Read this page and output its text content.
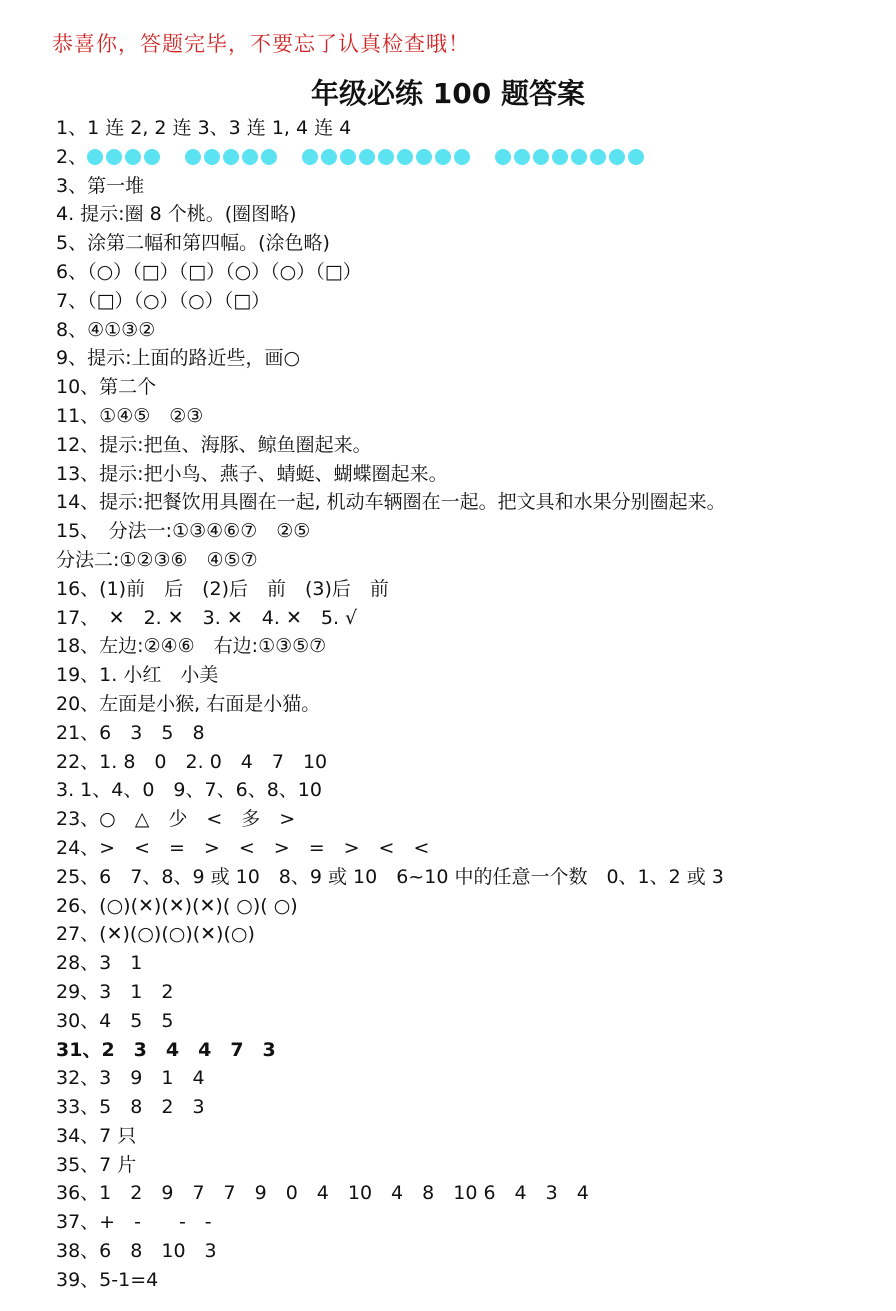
恭喜你，答题完毕，不要忘了认真检查哦！
年级必练 100 题答案
1、1 连 2, 2 连 3、3 连 1, 4 连 4
2、
3、第一堆
4. 提示:圈 8 个桃。(圈图略)
5、涂第二幅和第四幅。(涂色略)
6、（○）（□）（□）（○）（○）（□）
7、（□）（○）（○）（□）
8、④①③②
9、提示:上面的路近些，画○
10、第二个
11、①④⑤　②③
12、提示:把鱼、海豚、鲸鱼圈起来。
13、提示:把小鸟、燕子、蜻蜓、蝴蝶圈起来。
14、提示:把餐饮用具圈在一起, 机动车辆圈在一起。把文具和水果分别圈起来。
15、　分法一:①③④⑥⑦　②⑤
分法二:①②③⑥　④⑤⑦
16、(1)前　后　(2)后　前　(3)后　前
17、　✕　2. ✕　3. ✕　4. ✕　5. √
18、左边:②④⑥　右边:①③⑤⑦
19、1. 小红　小美
20、左面是小猴, 右面是小猫。
21、6　3　5　8
22、1. 8　0　2. 0　4　7　10
3. 1、4、0　9、7、6、8、10
23、○　△　少　<　多　>
24、>　<　=　>　<　>　=　>　<　<
25、6　7、8、9 或 10　8、9 或 10　6~10 中的任意一个数　0、1、2 或 3
26、(○)(✕)(✕)(✕)( ○)( ○)
27、(✕)(○)(○)(✕)(○)
28、3　1
29、3　1　2
30、4　5　5
31、2　3　4　4　7　3
32、3　9　1　4
33、5　8　2　3
34、7 只
35、7 片
36、1　2　9　7　7　9　0　4　10　4　8　10 6　4　3　4
37、+　-　　-　-
38、6　8　10　3
39、5-1=4
